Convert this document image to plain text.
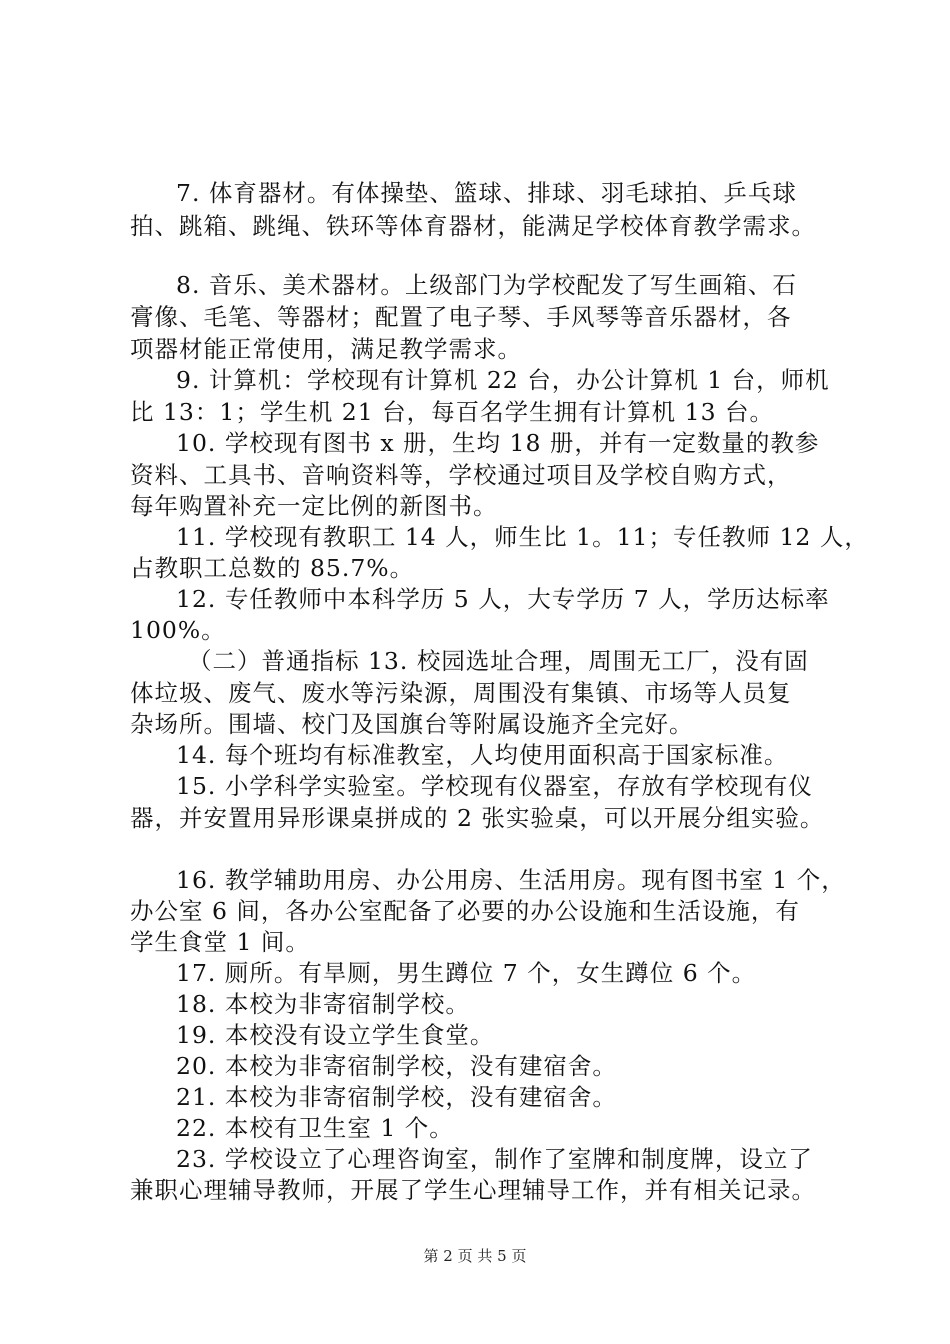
7. 体育器材。有体操垫、篮球、排球、羽毛球拍、乒乓球
拍、跳箱、跳绳、铁环等体育器材，能满足学校体育教学需求。
8. 音乐、美术器材。上级部门为学校配发了写生画箱、石
膏像、毛笔、等器材；配置了电子琴、手风琴等音乐器材，各
项器材能正常使用，满足教学需求。
9. 计算机：学校现有计算机 22 台，办公计算机 1 台，师机
比 13：1；学生机 21 台，每百名学生拥有计算机 13 台。
10. 学校现有图书 x 册，生均 18 册，并有一定数量的教参
资料、工具书、音响资料等，学校通过项目及学校自购方式，
每年购置补充一定比例的新图书。
11. 学校现有教职工 14 人，师生比 1。11；专任教师 12 人，
占教职工总数的 85.7%。
12. 专任教师中本科学历 5 人，大专学历 7 人，学历达标率
100%。
（二）普通指标 13. 校园选址合理，周围无工厂，没有固
体垃圾、废气、废水等污染源，周围没有集镇、市场等人员复
杂场所。围墙、校门及国旗台等附属设施齐全完好。
14. 每个班均有标准教室，人均使用面积高于国家标准。
15. 小学科学实验室。学校现有仪器室，存放有学校现有仪
器，并安置用异形课桌拼成的 2 张实验桌，可以开展分组实验。
16. 教学辅助用房、办公用房、生活用房。现有图书室 1 个，
办公室 6 间，各办公室配备了必要的办公设施和生活设施，有
学生食堂 1 间。
17. 厕所。有旱厕，男生蹲位 7 个，女生蹲位 6 个。
18. 本校为非寄宿制学校。
19. 本校没有设立学生食堂。
20. 本校为非寄宿制学校，没有建宿舍。
21. 本校为非寄宿制学校，没有建宿舍。
22. 本校有卫生室 1 个。
23. 学校设立了心理咨询室，制作了室牌和制度牌，设立了
兼职心理辅导教师，开展了学生心理辅导工作，并有相关记录。
第 2 页 共 5 页
